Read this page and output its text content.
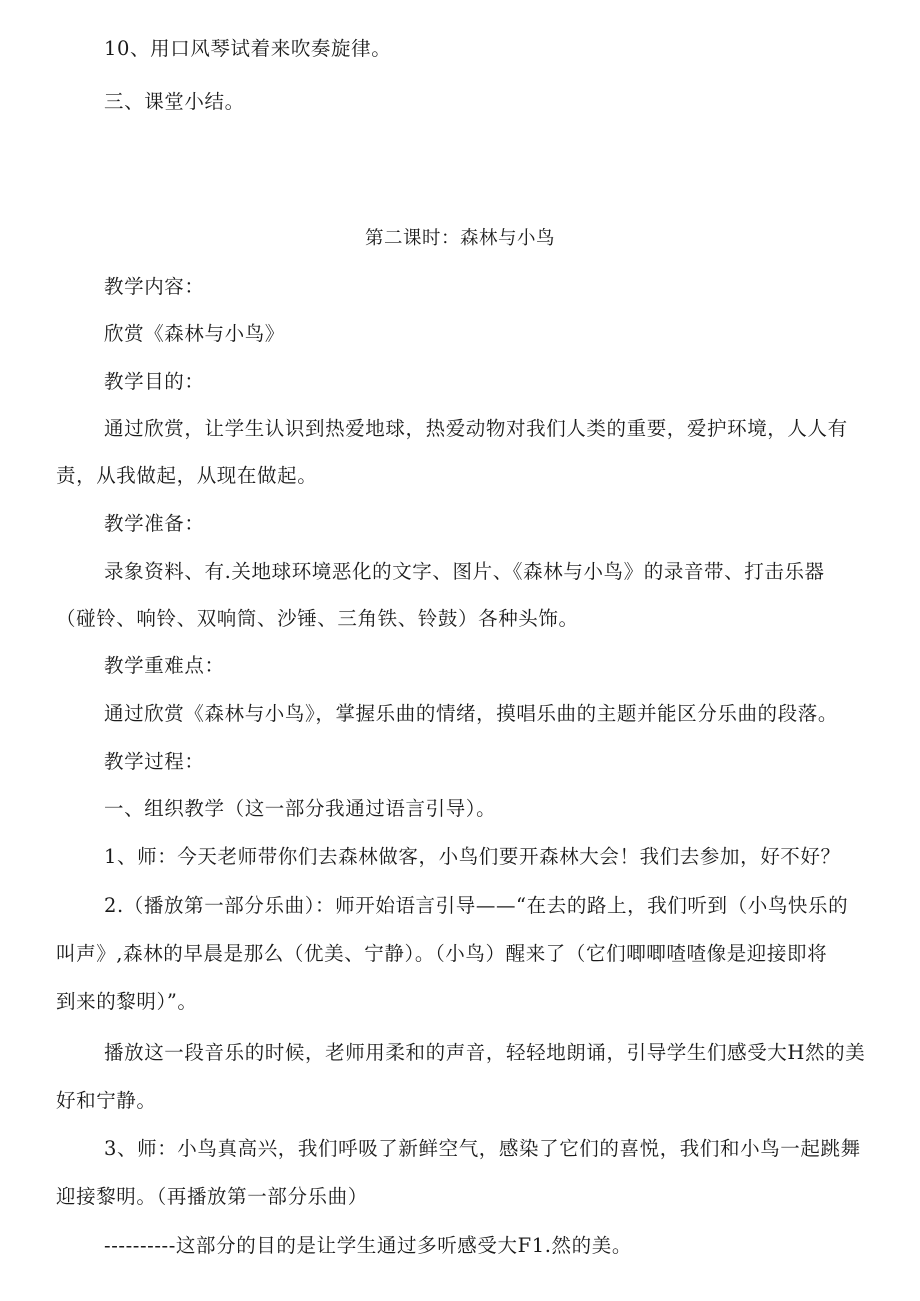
10、用口风琴试着来吹奏旋律。
三、课堂小结。
第二课时：森林与小鸟
教学内容：
欣赏《森林与小鸟》
教学目的：
通过欣赏，让学生认识到热爱地球，热爱动物对我们人类的重要，爱护环境，人人有
责，从我做起，从现在做起。
教学准备：
录象资料、有.关地球环境恶化的文字、图片、《森林与小鸟》的录音带、打击乐器
（碰铃、响铃、双响筒、沙锤、三角铁、铃鼓）各种头饰。
教学重难点：
通过欣赏《森林与小鸟》，掌握乐曲的情绪，摸唱乐曲的主题并能区分乐曲的段落。
教学过程：
一、组织教学（这一部分我通过语言引导）。
1、师：今天老师带你们去森林做客，小鸟们要开森林大会！我们去参加，好不好？
2.（播放第一部分乐曲）：师开始语言引导——“在去的路上，我们听到（小鸟快乐的
叫声》,森林的早晨是那么（优美、宁静）。（小鸟）醒来了（它们唧唧喳喳像是迎接即将
到来的黎明）”。
播放这一段音乐的时候，老师用柔和的声音，轻轻地朗诵，引导学生们感受大H然的美
好和宁静。
3、师：小鸟真高兴，我们呼吸了新鲜空气，感染了它们的喜悦，我们和小鸟一起跳舞
迎接黎明。（再播放第一部分乐曲）
----------这部分的目的是让学生通过多听感受大F1.然的美。
